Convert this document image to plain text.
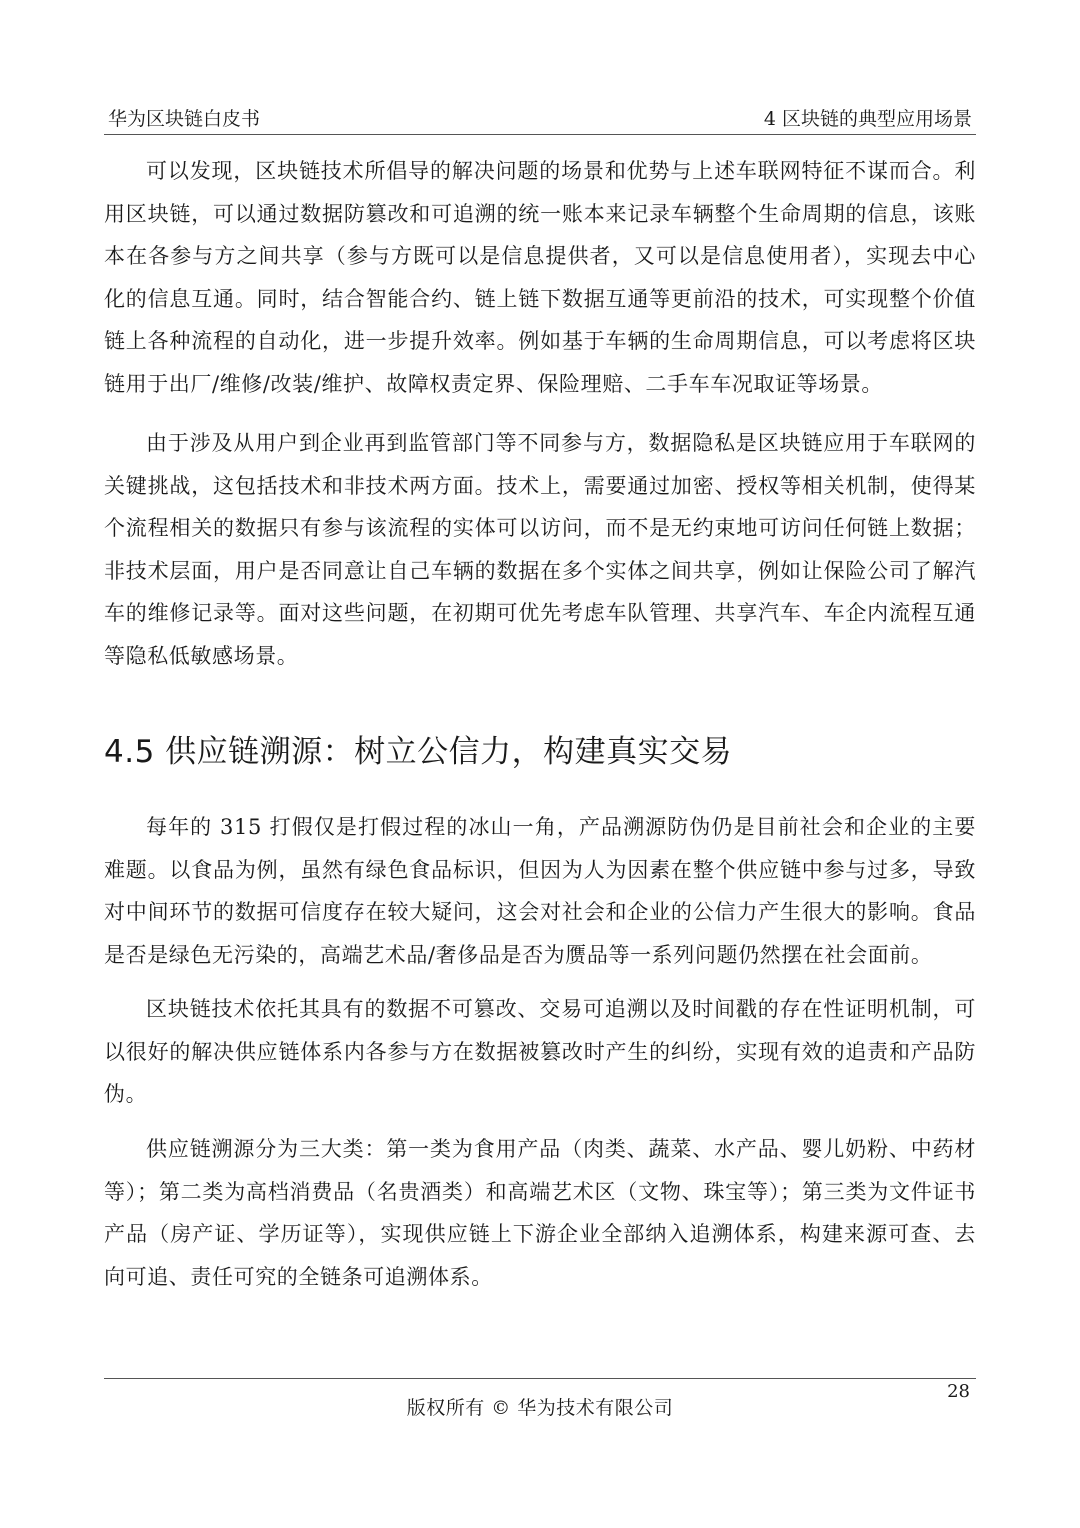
华为区块链白皮书	4 区块链的典型应用场景

可以发现，区块链技术所倡导的解决问题的场景和优势与上述车联网特征不谋而合。利用区块链，可以通过数据防篡改和可追溯的统一账本来记录车辆整个生命周期的信息，该账本在各参与方之间共享（参与方既可以是信息提供者，又可以是信息使用者），实现去中心化的信息互通。同时，结合智能合约、链上链下数据互通等更前沿的技术，可实现整个价值链上各种流程的自动化，进一步提升效率。例如基于车辆的生命周期信息，可以考虑将区块链用于出厂/维修/改装/维护、故障权责定界、保险理赔、二手车车况取证等场景。

由于涉及从用户到企业再到监管部门等不同参与方，数据隐私是区块链应用于车联网的关键挑战，这包括技术和非技术两方面。技术上，需要通过加密、授权等相关机制，使得某个流程相关的数据只有参与该流程的实体可以访问，而不是无约束地可访问任何链上数据；非技术层面，用户是否同意让自己车辆的数据在多个实体之间共享，例如让保险公司了解汽车的维修记录等。面对这些问题，在初期可优先考虑车队管理、共享汽车、车企内流程互通等隐私低敏感场景。

4.5 供应链溯源：树立公信力，构建真实交易

每年的 315 打假仅是打假过程的冰山一角，产品溯源防伪仍是目前社会和企业的主要难题。以食品为例，虽然有绿色食品标识，但因为人为因素在整个供应链中参与过多，导致对中间环节的数据可信度存在较大疑问，这会对社会和企业的公信力产生很大的影响。食品是否是绿色无污染的，高端艺术品/奢侈品是否为赝品等一系列问题仍然摆在社会面前。

区块链技术依托其具有的数据不可篡改、交易可追溯以及时间戳的存在性证明机制，可以很好的解决供应链体系内各参与方在数据被篡改时产生的纠纷，实现有效的追责和产品防伪。

供应链溯源分为三大类：第一类为食用产品（肉类、蔬菜、水产品、婴儿奶粉、中药材等）；第二类为高档消费品（名贵酒类）和高端艺术区（文物、珠宝等）；第三类为文件证书产品（房产证、学历证等），实现供应链上下游企业全部纳入追溯体系，构建来源可查、去向可追、责任可究的全链条可追溯体系。

28
版权所有 © 华为技术有限公司
